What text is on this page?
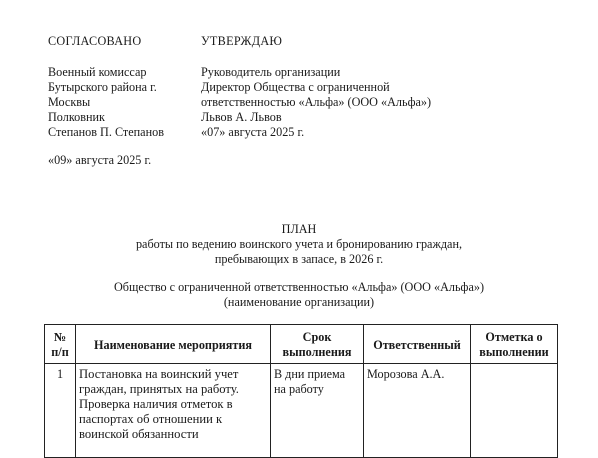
СОГЛАСОВАНО
Военный комиссар
Бутырского района г.
Москвы
Полковник
Степанов П. Степанов
«09» августа 2025 г.
УТВЕРЖДАЮ
Руководитель организации
Директор Общества с ограниченной
ответственностью «Альфа» (ООО «Альфа»)
Львов А. Львов
«07» августа 2025 г.
ПЛАН
работы по ведению воинского учета и бронированию граждан,
пребывающих в запасе, в 2026 г.
Общество с ограниченной ответственностью «Альфа» (ООО «Альфа»)
(наименование организации)
№ п/п	Наименование мероприятия	Срок выполнения	Ответственный	Отметка о выполнении
1	Постановка на воинский учет граждан, принятых на работу. Проверка наличия отметок в паспортах об отношении к воинской обязанности	В дни приема на работу	Морозова А.А.	
